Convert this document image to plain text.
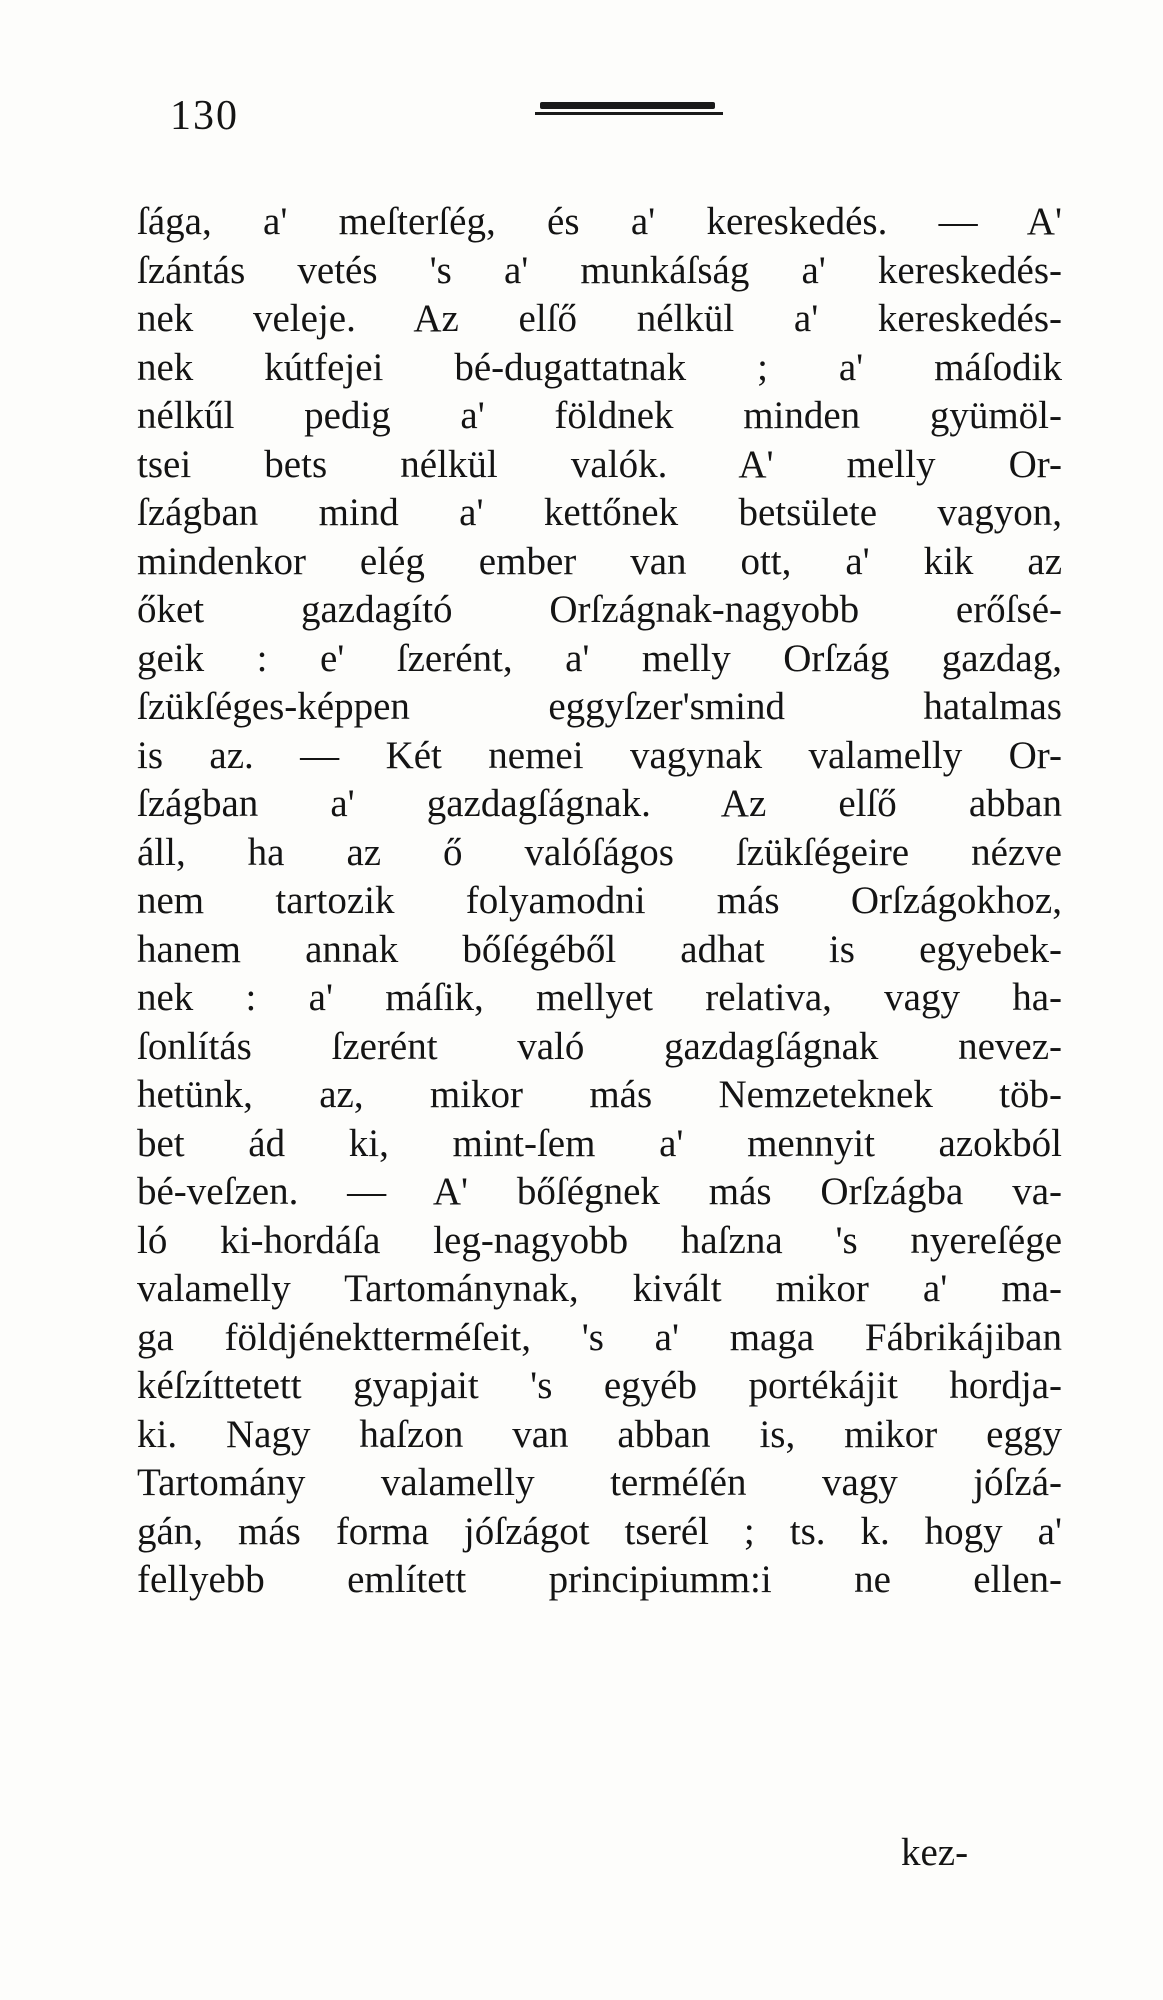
130
ſága, a' meſterſég, és a' kereskedés. — A'
ſzántás vetés 's a' munkáſság a' kereskedés-
nek veleje. Az elſő nélkül a' kereskedés-
nek kútfejei bé-dugattatnak ; a' máſodik
nélkűl pedig a' földnek minden gyümöl-
tsei bets nélkül valók. A' melly Or-
ſzágban mind a' kettőnek betsülete vagyon,
mindenkor elég ember van ott, a' kik az
őket gazdagító Orſzágnak-nagyobb erőſsé-
geik : e' ſzerént, a' melly Orſzág gazdag,
ſzükſéges-képpen eggyſzer'smind hatalmas
is az. — Két nemei vagynak valamelly Or-
ſzágban a' gazdagſágnak. Az elſő abban
áll, ha az ő valóſágos ſzükſégeire nézve
nem tartozik folyamodni más Orſzágokhoz,
hanem annak bőſégéből adhat is egyebek-
nek : a' máſik, mellyet relativa, vagy ha-
ſonlítás ſzerént való gazdagſágnak nevez-
hetünk, az, mikor más Nemzeteknek töb-
bet ád ki, mint-ſem a' mennyit azokból
bé-veſzen. — A' bőſégnek más Orſzágba va-
ló ki-hordáſa leg-nagyobb haſzna 's nyereſége
valamelly Tartománynak, kivált mikor a' ma-
ga földjénektterméſeit, 's a' maga Fábrikájiban
kéſzíttetett gyapjait 's egyéb portékájit hordja-
ki. Nagy haſzon van abban is, mikor eggy
Tartomány valamelly terméſén vagy jóſzá-
gán, más forma jóſzágot tserél ; ts. k. hogy a'
fellyebb említett principiumm:i ne ellen-
kez-
